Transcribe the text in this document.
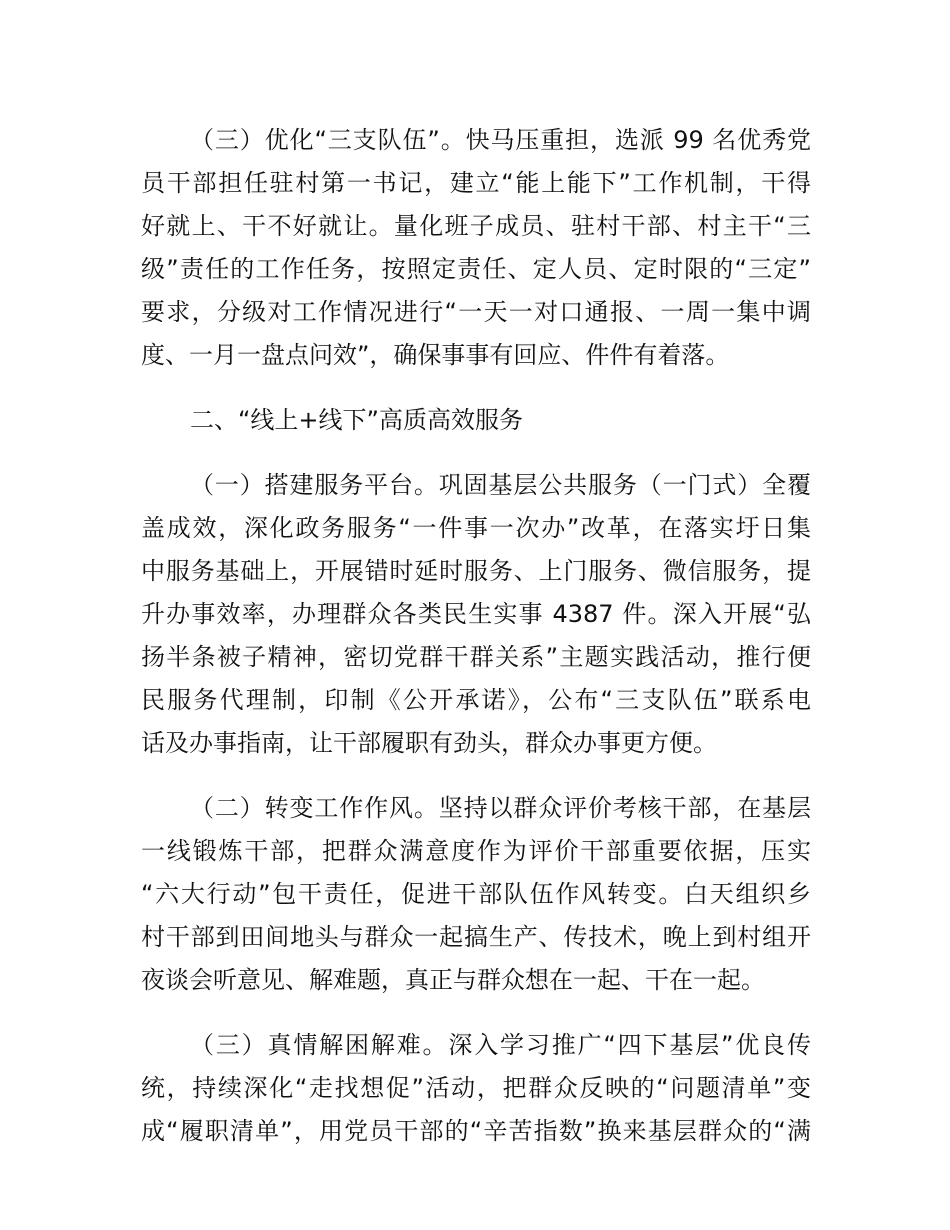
（三）优化“三支队伍”。快马压重担，选派 99 名优秀党
员干部担任驻村第一书记，建立“能上能下”工作机制，干得
好就上、干不好就让。量化班子成员、驻村干部、村主干“三
级”责任的工作任务，按照定责任、定人员、定时限的“三定”
要求，分级对工作情况进行“一天一对口通报、一周一集中调
度、一月一盘点问效”，确保事事有回应、件件有着落。
二、“线上+线下”高质高效服务
（一）搭建服务平台。巩固基层公共服务（一门式）全覆
盖成效，深化政务服务“一件事一次办”改革，在落实圩日集
中服务基础上，开展错时延时服务、上门服务、微信服务，提
升办事效率，办理群众各类民生实事 4387 件。深入开展“弘
扬半条被子精神，密切党群干群关系”主题实践活动，推行便
民服务代理制，印制《公开承诺》，公布“三支队伍”联系电
话及办事指南，让干部履职有劲头，群众办事更方便。
（二）转变工作作风。坚持以群众评价考核干部，在基层
一线锻炼干部，把群众满意度作为评价干部重要依据，压实
“六大行动”包干责任，促进干部队伍作风转变。白天组织乡
村干部到田间地头与群众一起搞生产、传技术，晚上到村组开
夜谈会听意见、解难题，真正与群众想在一起、干在一起。
（三）真情解困解难。深入学习推广“四下基层”优良传
统，持续深化“走找想促”活动，把群众反映的“问题清单”变
成“履职清单”，用党员干部的“辛苦指数”换来基层群众的“满
